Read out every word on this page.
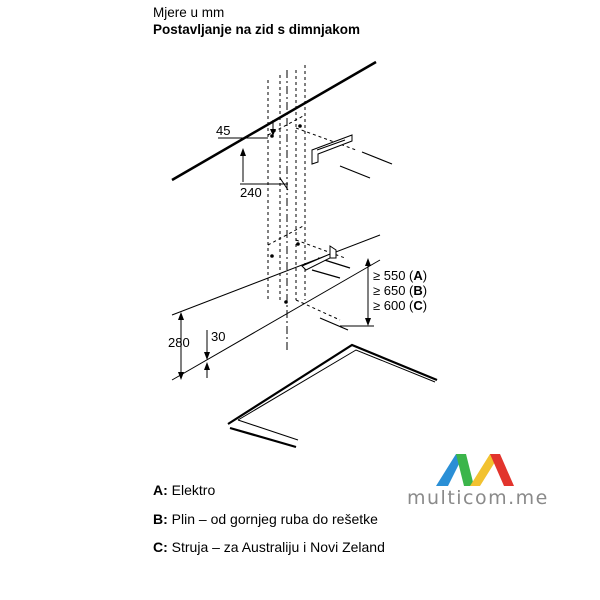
Mjere u mm
Postavljanje na zid s dimnjakom
45
240
280 30
≥ 550 (A)
≥ 650 (B)
≥ 600 (C)
multicom.me
A: Elektro
B: Plin – od gornjeg ruba do rešetke
C: Struja – za Australiju i Novi Zeland
